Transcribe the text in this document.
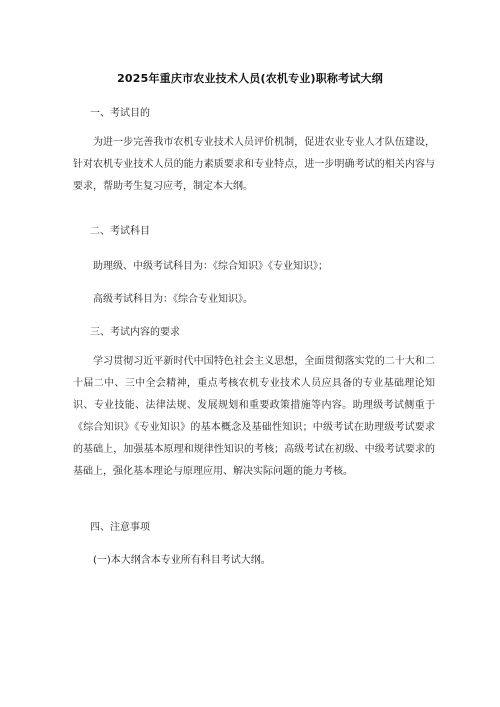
2025年重庆市农业技术人员(农机专业)职称考试大纲
一、考试目的
为进一步完善我市农机专业技术人员评价机制，促进农业专业人才队伍建设，针对农机专业技术人员的能力素质要求和专业特点，进一步明确考试的相关内容与要求，帮助考生复习应考，制定本大纲。
二、考试科目
助理级、中级考试科目为：《综合知识》《专业知识》；
高级考试科目为：《综合专业知识》。
三、考试内容的要求
学习贯彻习近平新时代中国特色社会主义思想，全面贯彻落实党的二十大和二十届二中、三中全会精神，重点考核农机专业技术人员应具备的专业基础理论知识、专业技能、法律法规、发展规划和重要政策措施等内容。助理级考试侧重于《综合知识》《专业知识》的基本概念及基础性知识；中级考试在助理级考试要求的基础上，加强基本原理和规律性知识的考核；高级考试在初级、中级考试要求的基础上，强化基本理论与原理应用、解决实际问题的能力考核。
四、注意事项
(一)本大纲含本专业所有科目考试大纲。
